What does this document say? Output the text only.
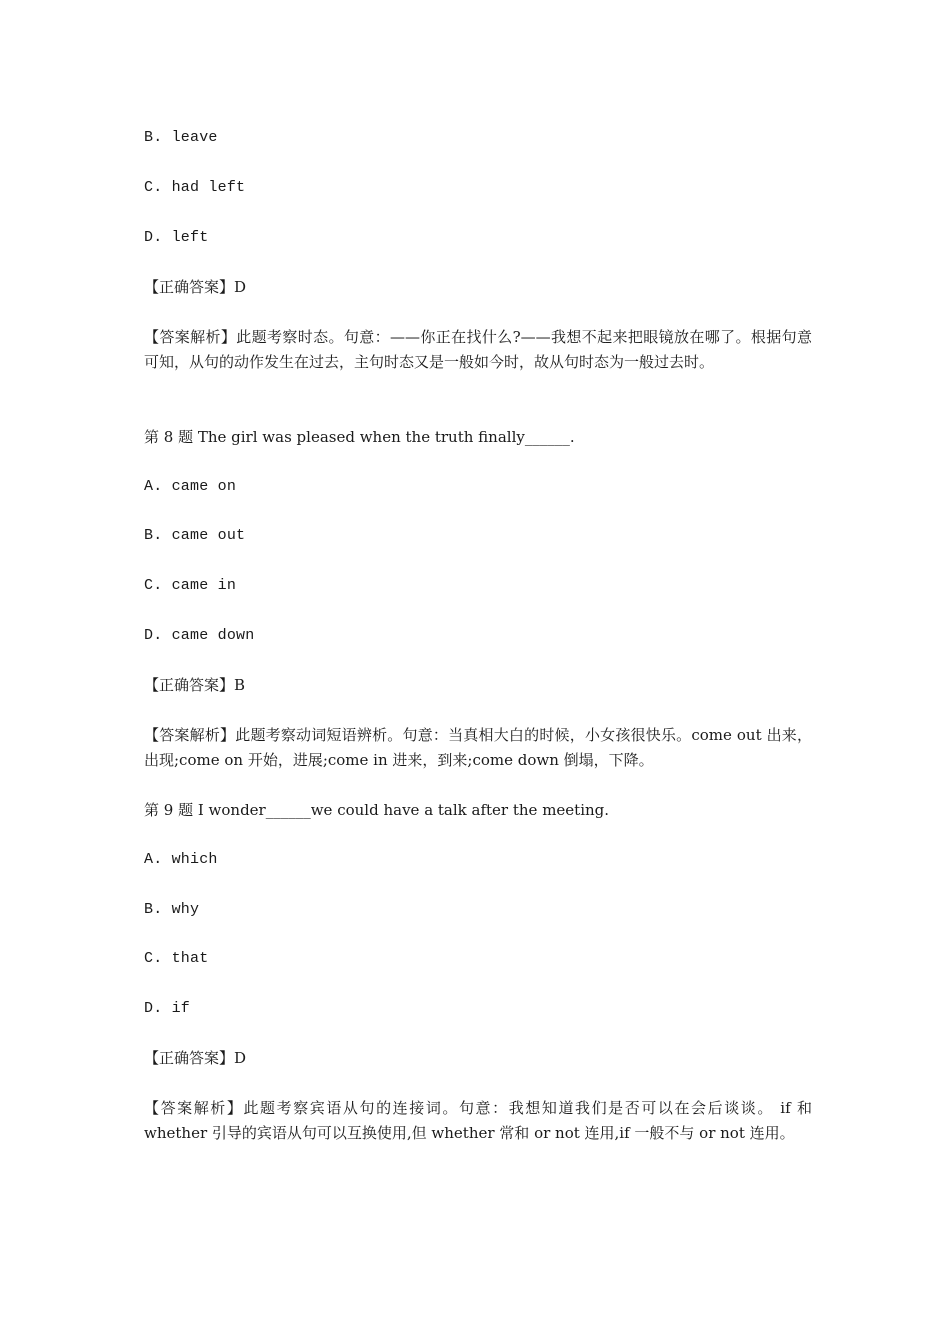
B. leave
C. had left
D. left
【正确答案】D
【答案解析】此题考察时态。句意：——你正在找什么?——我想不起来把眼镜放在哪了。根据句意可知，从句的动作发生在过去，主句时态又是一般如今时，故从句时态为一般过去时。
第 8 题 The girl was pleased when the truth finally______.
A. came on
B. came out
C. came in
D. came down
【正确答案】B
【答案解析】此题考察动词短语辨析。句意：当真相大白的时候，小女孩很快乐。come out 出来，出现;come on 开始，进展;come in 进来，到来;come down 倒塌，下降。
第 9 题 I wonder______we could have a talk after the meeting.
A. which
B. why
C. that
D. if
【正确答案】D
【答案解析】此题考察宾语从句的连接词。句意：我想知道我们是否可以在会后谈谈。 if 和 whether 引导的宾语从句可以互换使用,但 whether 常和 or not 连用,if 一般不与 or not 连用。
